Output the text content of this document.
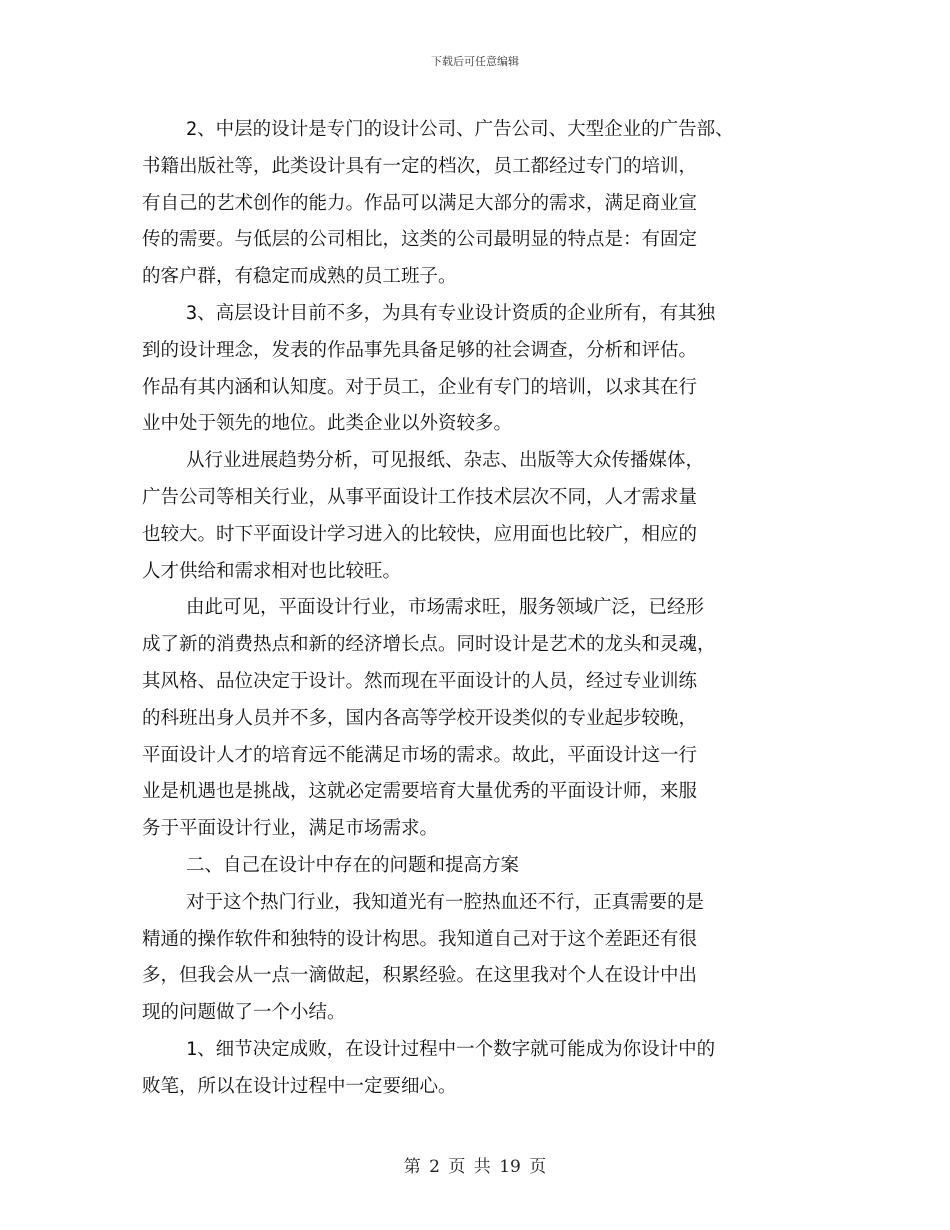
下载后可任意编辑
2、中层的设计是专门的设计公司、广告公司、大型企业的广告部、
书籍出版社等，此类设计具有一定的档次，员工都经过专门的培训，
有自己的艺术创作的能力。作品可以满足大部分的需求，满足商业宣
传的需要。与低层的公司相比，这类的公司最明显的特点是：有固定
的客户群，有稳定而成熟的员工班子。
3、高层设计目前不多，为具有专业设计资质的企业所有，有其独
到的设计理念，发表的作品事先具备足够的社会调查，分析和评估。
作品有其内涵和认知度。对于员工，企业有专门的培训，以求其在行
业中处于领先的地位。此类企业以外资较多。
从行业进展趋势分析，可见报纸、杂志、出版等大众传播媒体，
广告公司等相关行业，从事平面设计工作技术层次不同，人才需求量
也较大。时下平面设计学习进入的比较快，应用面也比较广，相应的
人才供给和需求相对也比较旺。
由此可见，平面设计行业，市场需求旺，服务领域广泛，已经形
成了新的消费热点和新的经济增长点。同时设计是艺术的龙头和灵魂，
其风格、品位决定于设计。然而现在平面设计的人员，经过专业训练
的科班出身人员并不多，国内各高等学校开设类似的专业起步较晚，
平面设计人才的培育远不能满足市场的需求。故此，平面设计这一行
业是机遇也是挑战，这就必定需要培育大量优秀的平面设计师，来服
务于平面设计行业，满足市场需求。
二、自己在设计中存在的问题和提高方案
对于这个热门行业，我知道光有一腔热血还不行，正真需要的是
精通的操作软件和独特的设计构思。我知道自己对于这个差距还有很
多，但我会从一点一滴做起，积累经验。在这里我对个人在设计中出
现的问题做了一个小结。
1、细节决定成败，在设计过程中一个数字就可能成为你设计中的
败笔，所以在设计过程中一定要细心。
第 2 页 共 19 页
